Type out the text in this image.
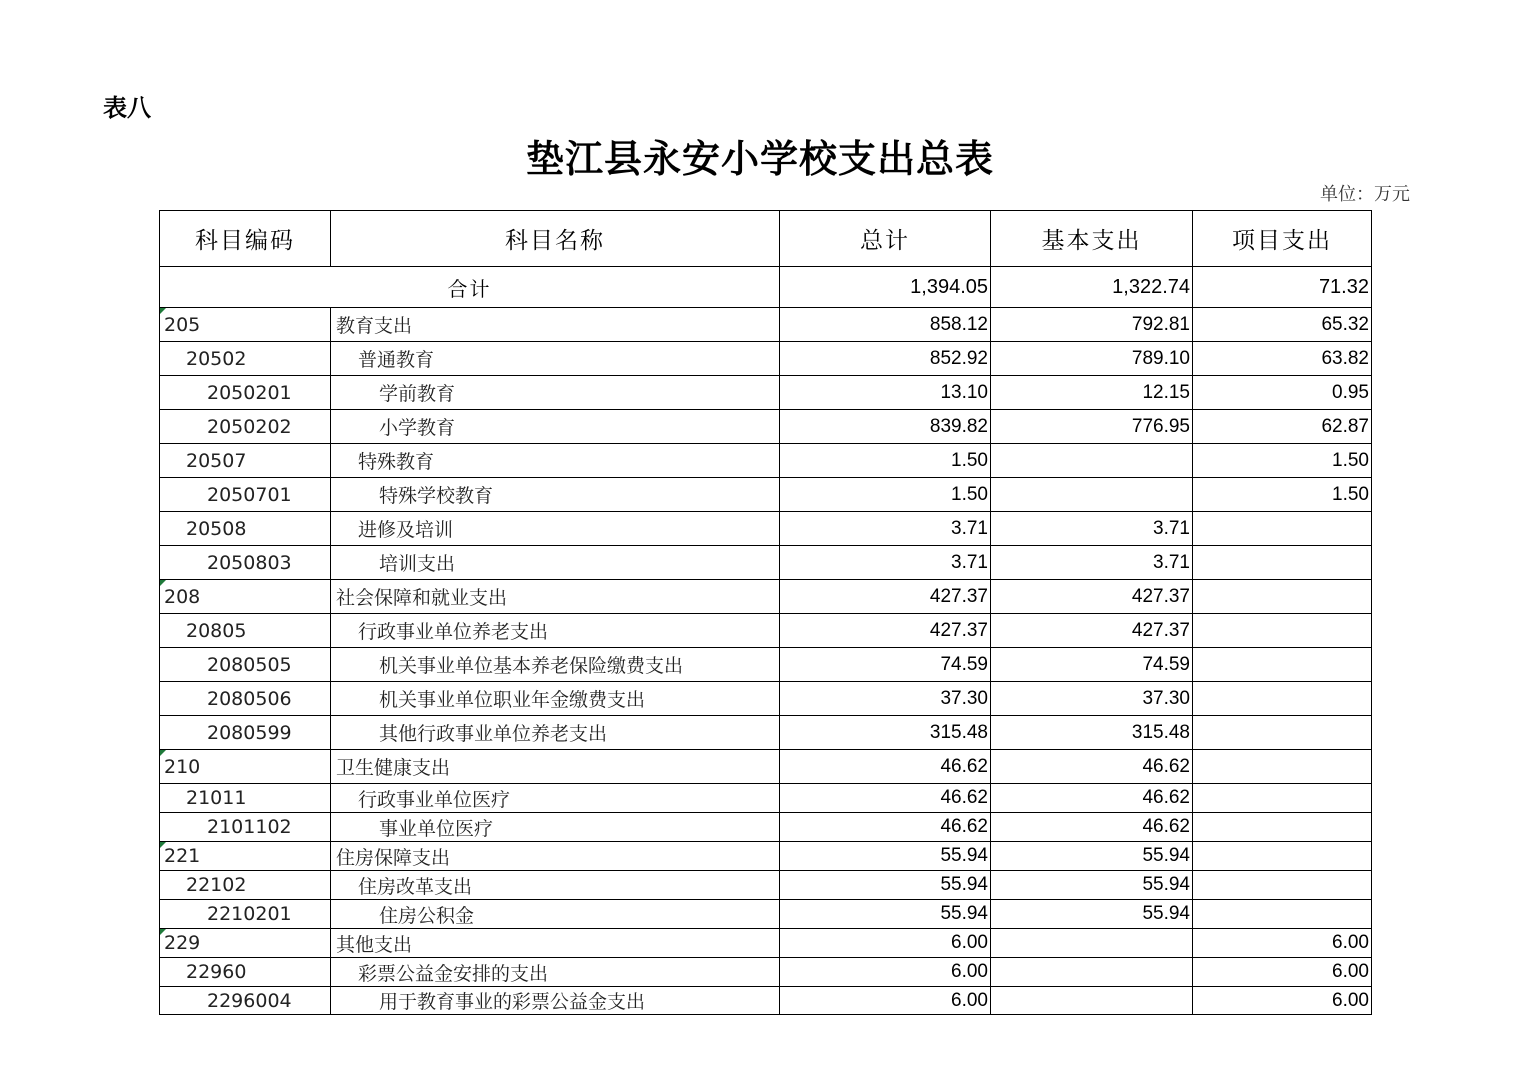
表八
垫江县永安小学校支出总表
单位：万元
科目编码	科目名称	总计	基本支出	项目支出
合计		1,394.05	1,322.74	71.32

205	教育支出	858.12	792.81	65.32
20502	普通教育	852.92	789.10	63.82
2050201	学前教育	13.10	12.15	0.95
2050202	小学教育	839.82	776.95	62.87
20507	特殊教育	1.50		1.50
2050701	特殊学校教育	1.50		1.50
20508	进修及培训	3.71	3.71	
2050803	培训支出	3.71	3.71	

208	社会保障和就业支出	427.37	427.37	
20805	行政事业单位养老支出	427.37	427.37	
2080505	机关事业单位基本养老保险缴费支出	74.59	74.59	
2080506	机关事业单位职业年金缴费支出	37.30	37.30	
2080599	其他行政事业单位养老支出	315.48	315.48	

210	卫生健康支出	46.62	46.62	
21011	行政事业单位医疗	46.62	46.62	
2101102	事业单位医疗	46.62	46.62	

221	住房保障支出	55.94	55.94	
22102	住房改革支出	55.94	55.94	
2210201	住房公积金	55.94	55.94	

229	其他支出	6.00		6.00
22960	彩票公益金安排的支出	6.00		6.00
2296004	用于教育事业的彩票公益金支出	6.00		6.00
